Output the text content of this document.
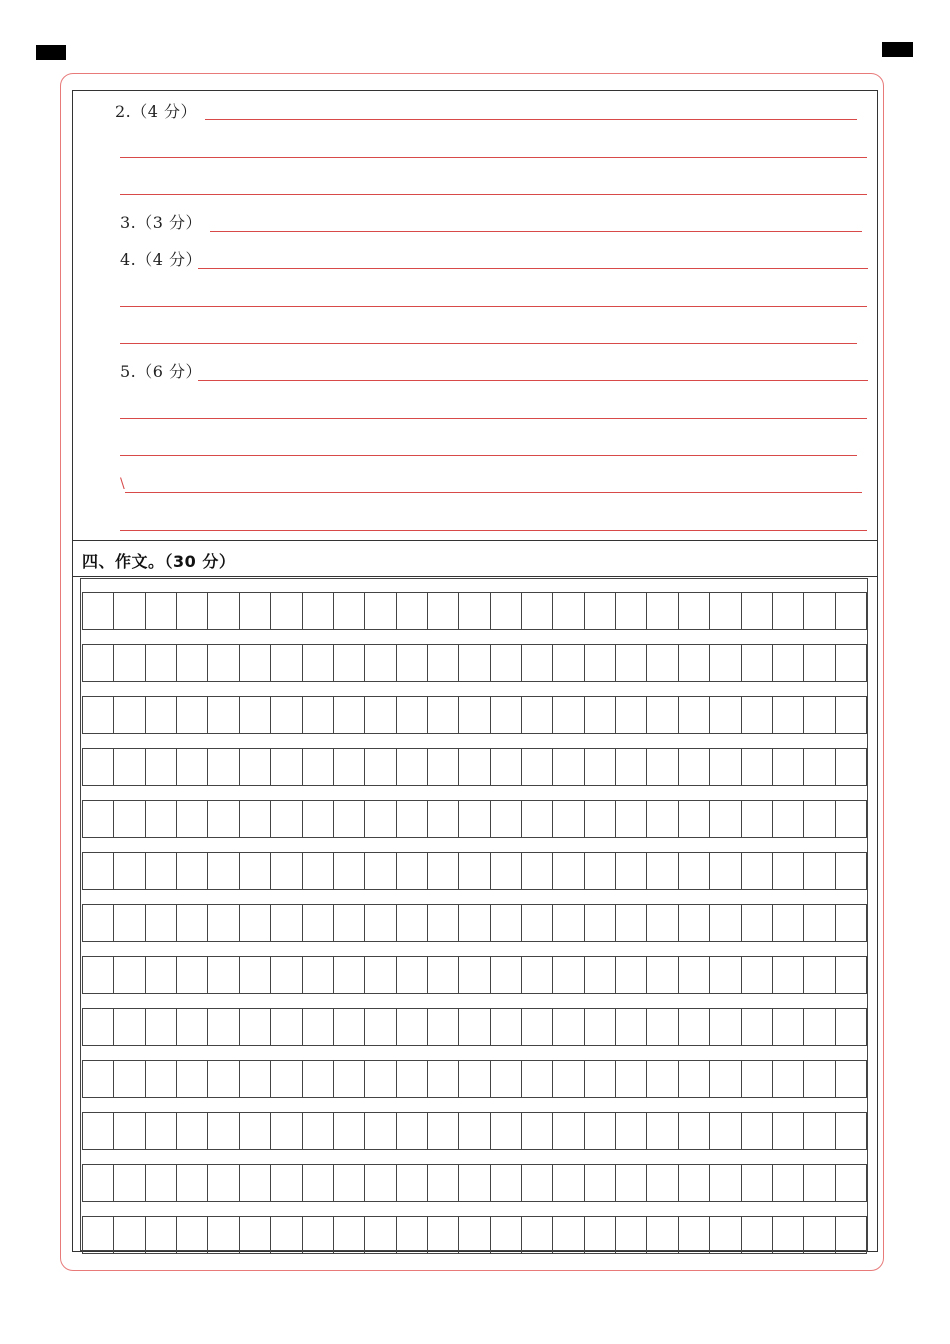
2.（4 分）
3.（3 分）
4.（4 分）
5.（6 分）
\
四、作文。（30 分）
